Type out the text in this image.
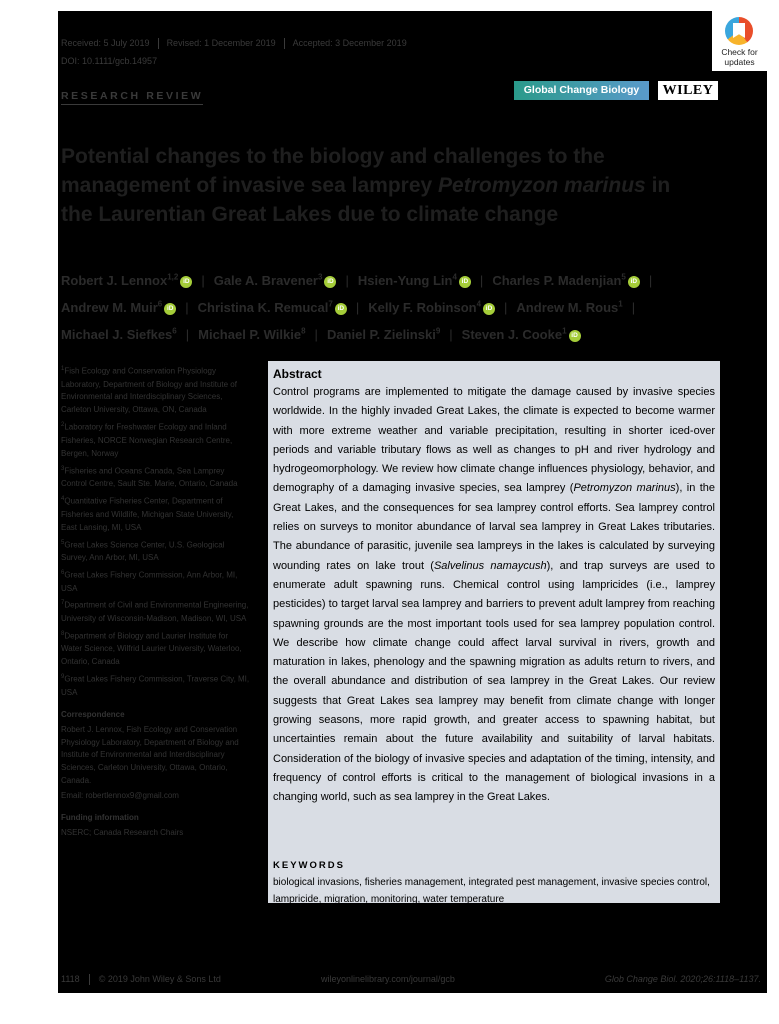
Received: 5 July 2019 Revised: 1 December 2019 Accepted: 3 December 2019
DOI: 10.1111/gcb.14957
RESEARCH REVIEW
Check for updates
Global Change Biology	WILEY
Potential changes to the biology and challenges to the management of invasive sea lamprey Petromyzon marinus in the Laurentian Great Lakes due to climate change
Robert J. Lennox$^{1,2}$ iD | Gale A. Bravener$^3$ iD | Hsien-Yung Lin$^4$ iD | Charles P. Madenjian$^5$ iD |
Andrew M. Muir$^6$ iD | Christina K. Remucal$^7$ iD | Kelly F. Robinson$^4$ iD | Andrew M. Rous$^1$ |
Michael J. Siefkes$^6$ | Michael P. Wilkie$^8$ | Daniel P. Zielinski$^9$ | Steven J. Cooke$^1$ iD

$^1$Fish Ecology and Conservation Physiology Laboratory, Department of Biology and Institute of Environmental and Interdisciplinary Sciences, Carleton University, Ottawa, ON, Canada

$^2$Laboratory for Freshwater Ecology and Inland Fisheries, NORCE Norwegian Research Centre, Bergen, Norway

$^3$Fisheries and Oceans Canada, Sea Lamprey Control Centre, Sault Ste. Marie, Ontario, Canada

$^4$Quantitative Fisheries Center, Department of Fisheries and Wildlife, Michigan State University, East Lansing, MI, USA

$^5$Great Lakes Science Center, U.S. Geological Survey, Ann Arbor, MI, USA

$^6$Great Lakes Fishery Commission, Ann Arbor, MI, USA

$^7$Department of Civil and Environmental Engineering, University of Wisconsin-Madison, Madison, WI, USA

$^8$Department of Biology and Laurier Institute for Water Science, Wilfrid Laurier University, Waterloo, Ontario, Canada

$^9$Great Lakes Fishery Commission, Traverse City, MI, USA

Correspondence

Robert J. Lennox, Fish Ecology and Conservation Physiology Laboratory, Department of Biology and Institute of Environmental and Interdisciplinary Sciences, Carleton University, Ottawa, Ontario, Canada.

Email: robertlennox9@gmail.com

Funding information

NSERC; Canada Research Chairs

Abstract
Control programs are implemented to mitigate the damage caused by invasive species worldwide. In the highly invaded Great Lakes, the climate is expected to become warmer with more extreme weather and variable precipitation, resulting in shorter iced-over periods and variable tributary flows as well as changes to pH and river hydrology and hydrogeomorphology. We review how climate change influences physiology, behavior, and demography of a damaging invasive species, sea lamprey (Petromyzon marinus), in the Great Lakes, and the consequences for sea lamprey control efforts. Sea lamprey control relies on surveys to monitor abundance of larval sea lamprey in Great Lakes tributaries. The abundance of parasitic, juvenile sea lampreys in the lakes is calculated by surveying wounding rates on lake trout (Salvelinus namaycush), and trap surveys are used to enumerate adult spawning runs. Chemical control using lampricides (i.e., lamprey pesticides) to target larval sea lamprey and barriers to prevent adult lamprey from reaching spawning grounds are the most important tools used for sea lamprey population control. We describe how climate change could affect larval survival in rivers, growth and maturation in lakes, phenology and the spawning migration as adults return to rivers, and the overall abundance and distribution of sea lamprey in the Great Lakes. Our review suggests that Great Lakes sea lamprey may benefit from climate change with longer growing seasons, more rapid growth, and greater access to spawning habitat, but uncertainties remain about the future availability and suitability of larval habitats. Consideration of the biology of invasive species and adaptation of the timing, intensity, and frequency of control efforts is critical to the management of biological invasions in a changing world, such as sea lamprey in the Great Lakes.
KEYWORDS
biological invasions, fisheries management, integrated pest management, invasive species control, lampricide, migration, monitoring, water temperature
1118 © 2019 John Wiley & Sons Ltd	wileyonlinelibrary.com/journal/gcb	Glob Change Biol. 2020;26:1118–1137.
